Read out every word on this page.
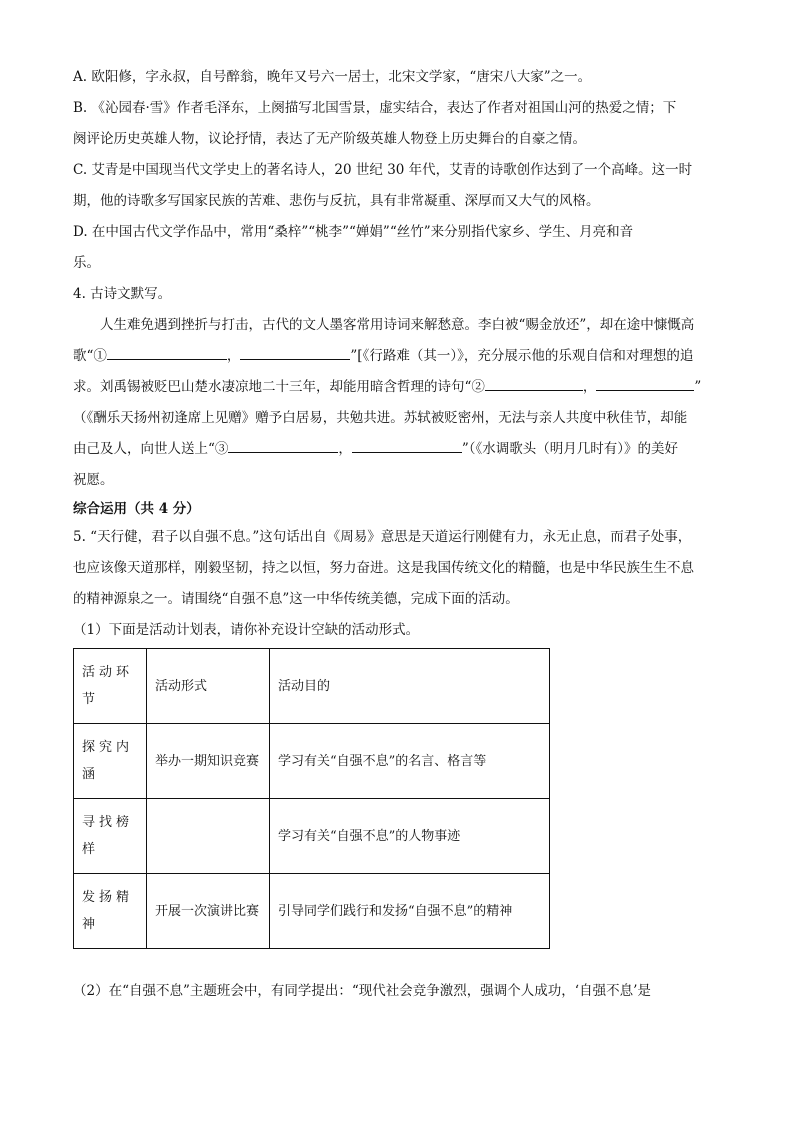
A. 欧阳修，字永叔，自号醉翁，晚年又号六一居士，北宋文学家，“唐宋八大家”之一。
B. 《沁园春·雪》作者毛泽东，上阕描写北国雪景，虚实结合，表达了作者对祖国山河的热爱之情；下
阕评论历史英雄人物，议论抒情，表达了无产阶级英雄人物登上历史舞台的自豪之情。
C. 艾青是中国现当代文学史上的著名诗人，20 世纪 30 年代，艾青的诗歌创作达到了一个高峰。这一时
期，他的诗歌多写国家民族的苦难、悲伤与反抗，具有非常凝重、深厚而又大气的风格。
D. 在中国古代文学作品中，常用“桑梓”“桃李”“婵娟”“丝竹”来分别指代家乡、学生、月亮和音
乐。
4. 古诗文默写。
人生难免遇到挫折与打击，古代的文人墨客常用诗词来解愁意。李白被“赐金放还”，却在途中慷慨高
歌“①	，	”[《行路难（其一）》，充分展示他的乐观自信和对理想的追
求。刘禹锡被贬巴山楚水凄凉地二十三年，却能用暗含哲理的诗句“②	，	”
（《酬乐天扬州初逢席上见赠》赠予白居易，共勉共进。苏轼被贬密州，无法与亲人共度中秋佳节，却能
由己及人，向世人送上“③	，	”（《水调歌头（明月几时有）》的美好
祝愿。
综合运用（共 4 分）
5. “天行健，君子以自强不息。”这句话出自《周易》意思是天道运行刚健有力，永无止息，而君子处事，
也应该像天道那样，刚毅坚韧，持之以恒，努力奋进。这是我国传统文化的精髓，也是中华民族生生不息
的精神源泉之一。请围绕“自强不息”这一中华传统美德，完成下面的活动。
（1）下面是活动计划表，请你补充设计空缺的活动形式。
活动环节	活动形式	活动目的
探究内涵	举办一期知识竞赛	学习有关“自强不息”的名言、格言等
寻找榜样		学习有关“自强不息”的人物事迹
发扬精神	开展一次演讲比赛	引导同学们践行和发扬“自强不息”的精神
（2）在“自强不息”主题班会中，有同学提出：“现代社会竞争激烈，强调个人成功，‘自强不息’是
